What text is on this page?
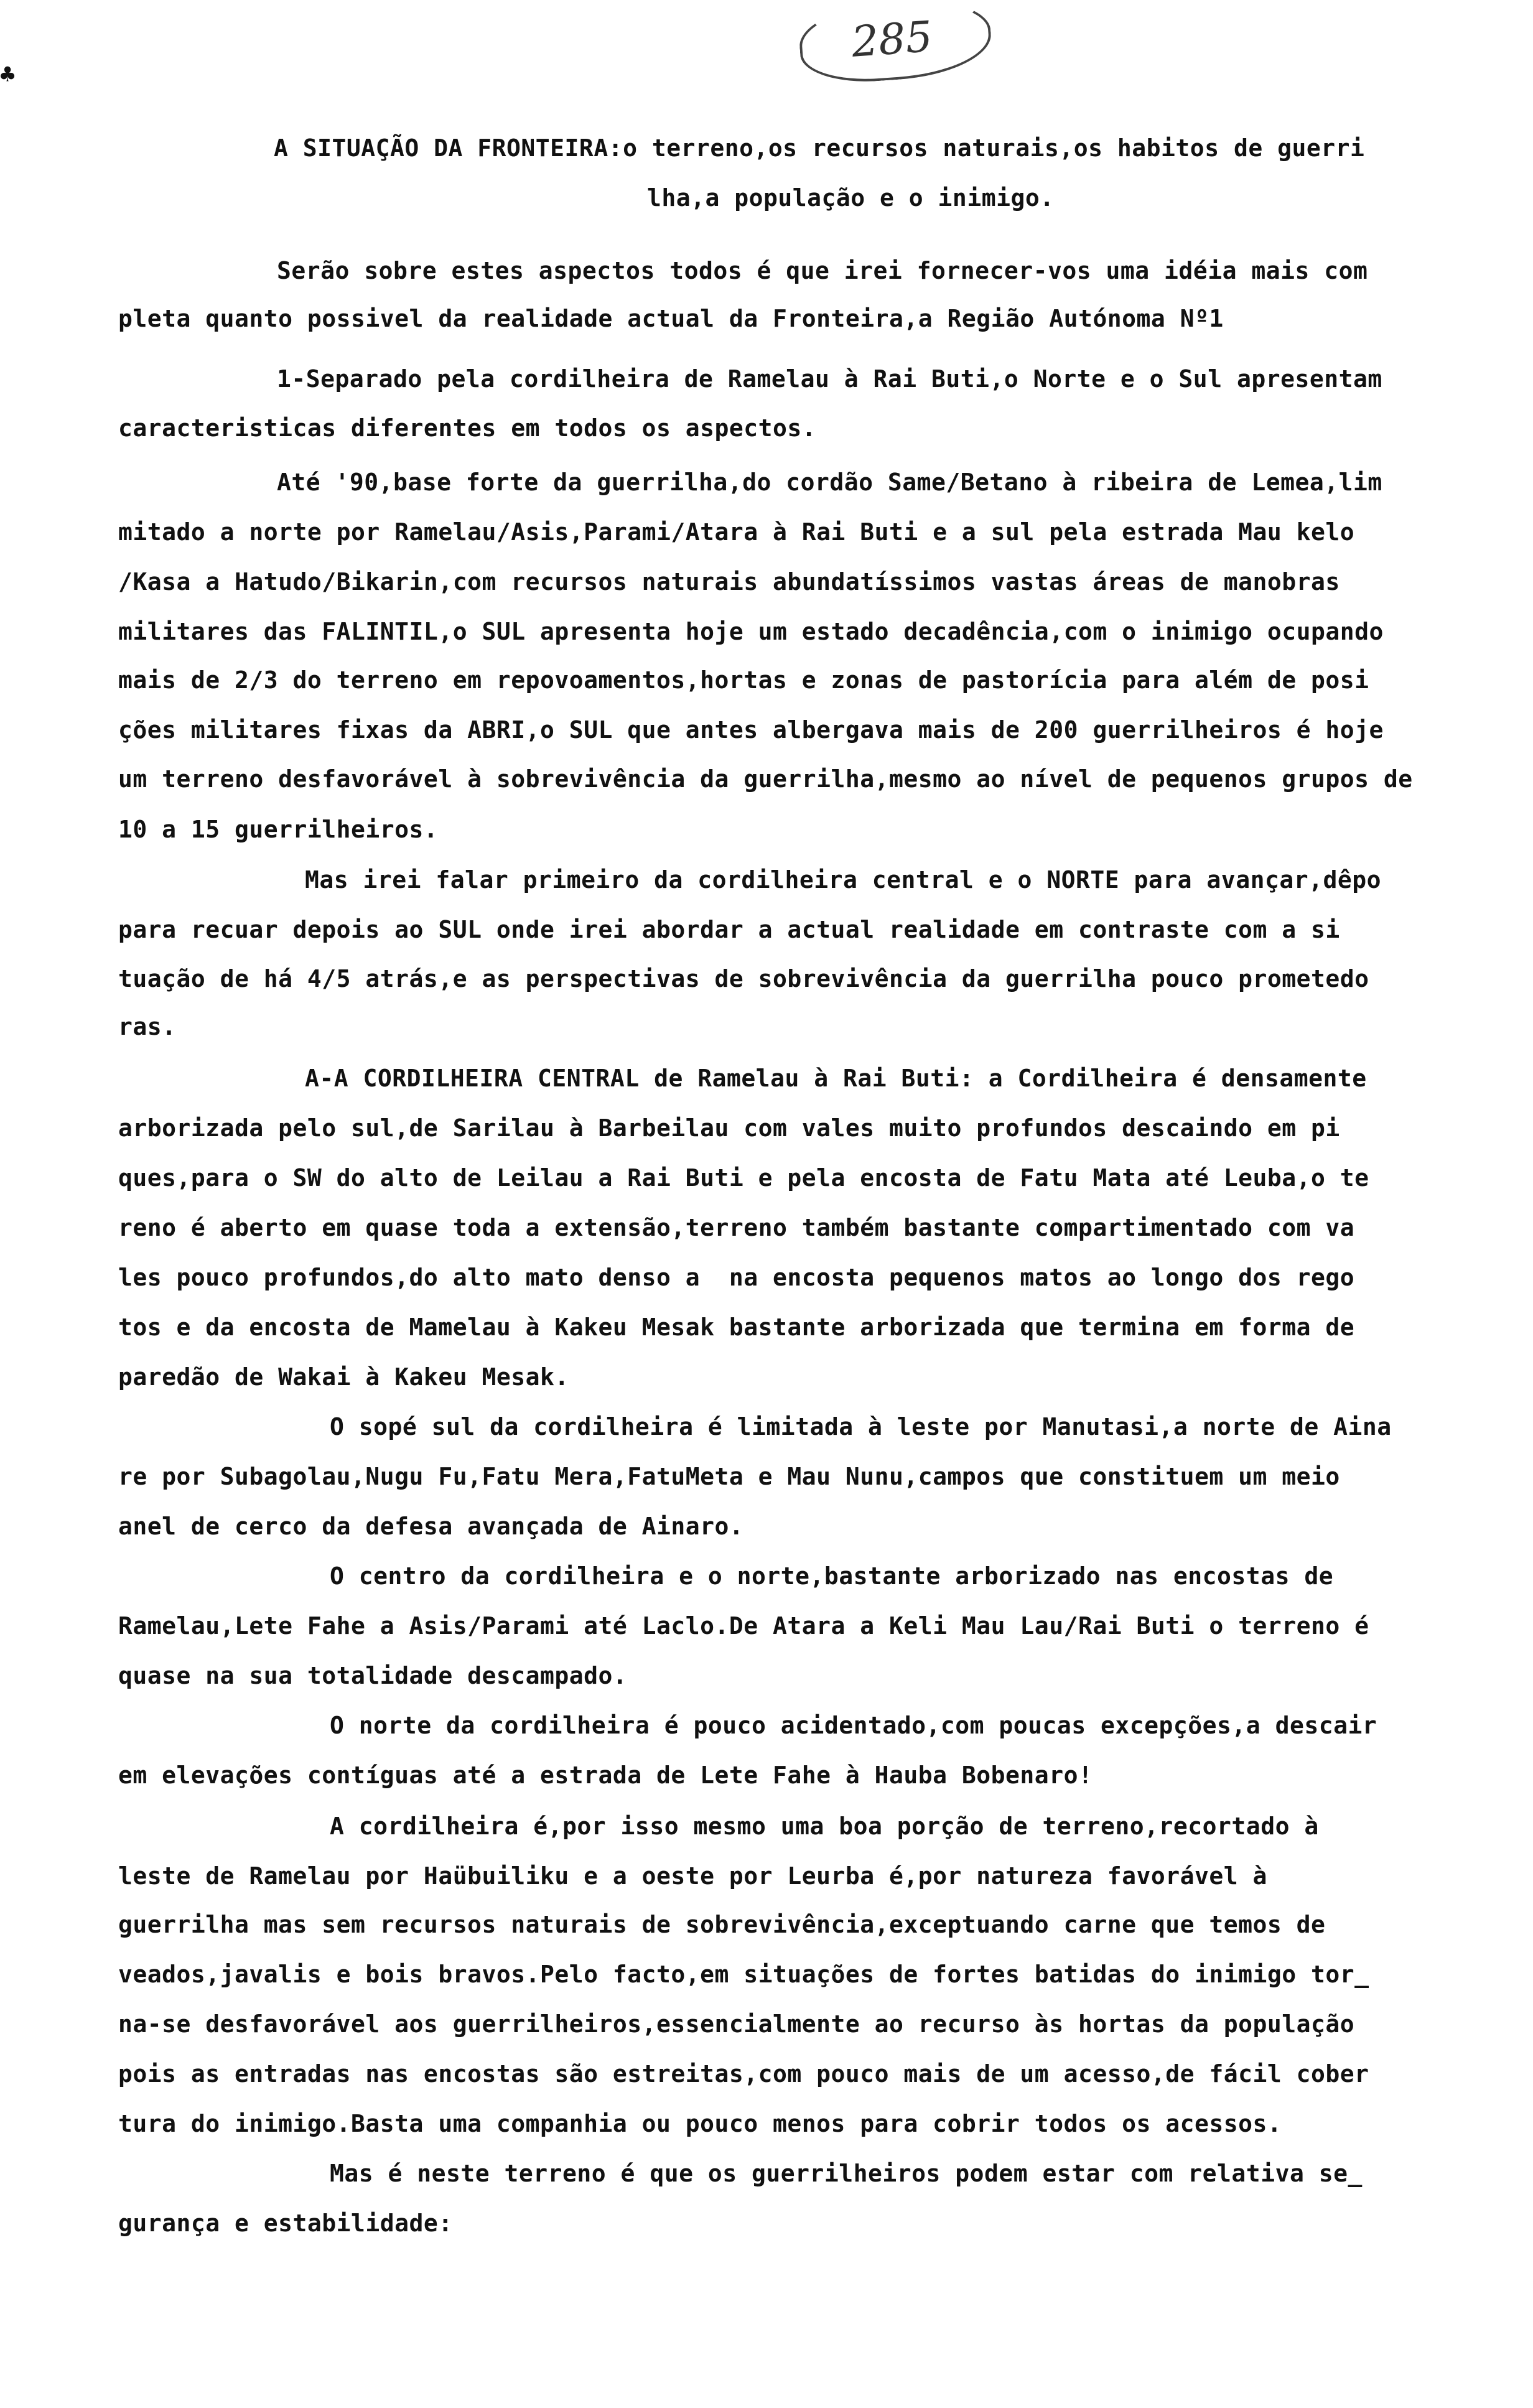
285
♣
A SITUAÇÃO DA FRONTEIRA:o terreno,os recursos naturais,os habitos de guerri
lha,a população e o inimigo.
Serão sobre estes aspectos todos é que irei fornecer-vos uma idéia mais com
pleta quanto possivel da realidade actual da Fronteira,a Região Autónoma Nº1
1-Separado pela cordilheira de Ramelau à Rai Buti,o Norte e o Sul apresentam
caracteristicas diferentes em todos os aspectos.
Até '90,base forte da guerrilha,do cordão Same/Betano à ribeira de Lemea,lim
mitado a norte por Ramelau/Asis,Parami/Atara à Rai Buti e a sul pela estrada Mau kelo
/Kasa a Hatudo/Bikarin,com recursos naturais abundatíssimos vastas áreas de manobras
militares das FALINTIL,o SUL apresenta hoje um estado decadência,com o inimigo ocupando
mais de 2/3 do terreno em repovoamentos,hortas e zonas de pastorícia para além de posi
ções militares fixas da ABRI,o SUL que antes albergava mais de 200 guerrilheiros é hoje
um terreno desfavorável à sobrevivência da guerrilha,mesmo ao nível de pequenos grupos de
10 a 15 guerrilheiros.
Mas irei falar primeiro da cordilheira central e o NORTE para avançar,dêpo
para recuar depois ao SUL onde irei abordar a actual realidade em contraste com a si
tuação de há 4/5 atrás,e as perspectivas de sobrevivência da guerrilha pouco prometedo
ras.
A-A CORDILHEIRA CENTRAL de Ramelau à Rai Buti: a Cordilheira é densamente
arborizada pelo sul,de Sarilau à Barbeilau com vales muito profundos descaindo em pi
ques,para o SW do alto de Leilau a Rai Buti e pela encosta de Fatu Mata até Leuba,o te
reno é aberto em quase toda a extensão,terreno também bastante compartimentado com va
les pouco profundos,do alto mato denso a  na encosta pequenos matos ao longo dos rego
tos e da encosta de Mamelau à Kakeu Mesak bastante arborizada que termina em forma de
paredão de Wakai à Kakeu Mesak.
O sopé sul da cordilheira é limitada à leste por Manutasi,a norte de Aina
re por Subagolau,Nugu Fu,Fatu Mera,FatuMeta e Mau Nunu,campos que constituem um meio
anel de cerco da defesa avançada de Ainaro.
O centro da cordilheira e o norte,bastante arborizado nas encostas de
Ramelau,Lete Fahe a Asis/Parami até Laclo.De Atara a Keli Mau Lau/Rai Buti o terreno é
quase na sua totalidade descampado.
O norte da cordilheira é pouco acidentado,com poucas excepções,a descair
em elevações contíguas até a estrada de Lete Fahe à Hauba Bobenaro!
A cordilheira é,por isso mesmo uma boa porção de terreno,recortado à
leste de Ramelau por Haübuiliku e a oeste por Leurba é,por natureza favorável à
guerrilha mas sem recursos naturais de sobrevivência,exceptuando carne que temos de
veados,javalis e bois bravos.Pelo facto,em situações de fortes batidas do inimigo tor_
na-se desfavorável aos guerrilheiros,essencialmente ao recurso às hortas da população
pois as entradas nas encostas são estreitas,com pouco mais de um acesso,de fácil cober
tura do inimigo.Basta uma companhia ou pouco menos para cobrir todos os acessos.
Mas é neste terreno é que os guerrilheiros podem estar com relativa se_
gurança e estabilidade:
